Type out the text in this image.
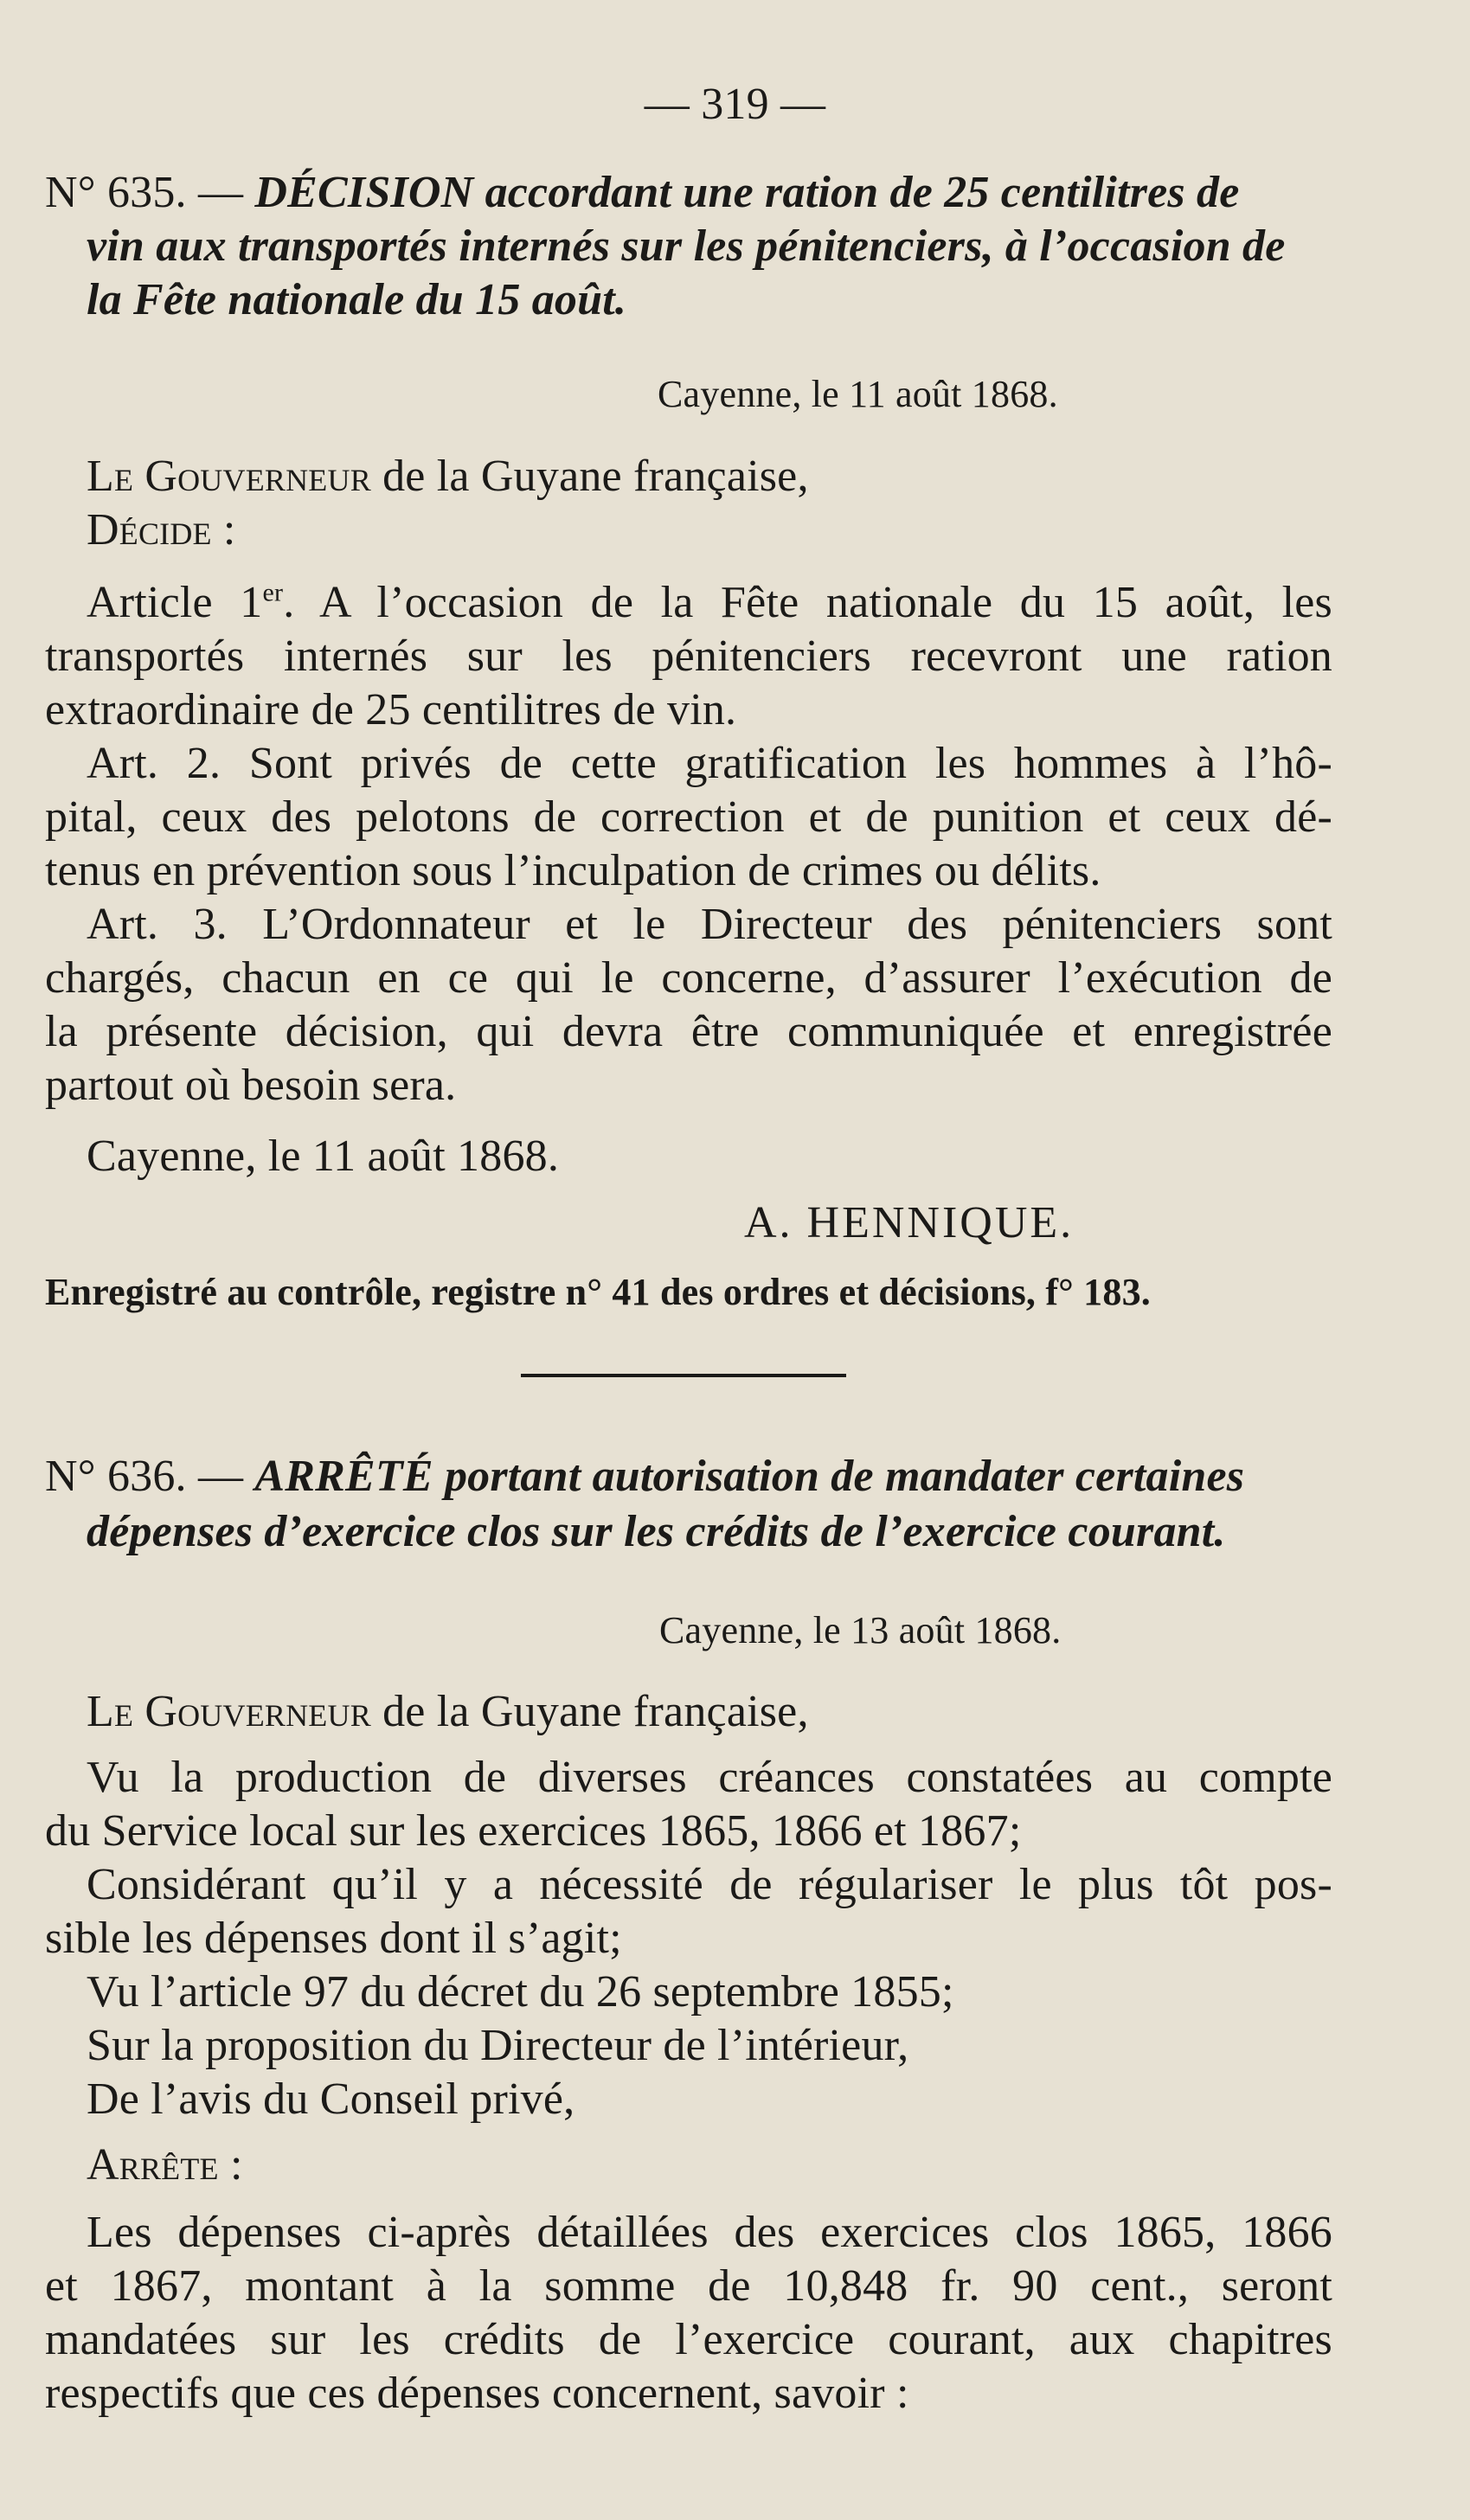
— 319 —

N° 635. — DÉCISION accordant une ration de 25 centilitres de

vin aux transportés internés sur les pénitenciers, à l’occasion de

la Fête nationale du 15 août.

Cayenne, le 11 août 1868.

Le Gouverneur de la Guyane française,

Décide :

Article 1er. A l’occasion de la Fête nationale du 15 août, les

transportés internés sur les pénitenciers recevront une ration

extraordinaire de 25 centilitres de vin.

Art. 2. Sont privés de cette gratification les hommes à l’hô-

pital, ceux des pelotons de correction et de punition et ceux dé-

tenus en prévention sous l’inculpation de crimes ou délits.

Art. 3. L’Ordonnateur et le Directeur des pénitenciers sont

chargés, chacun en ce qui le concerne, d’assurer l’exécution de

la présente décision, qui devra être communiquée et enregistrée

partout où besoin sera.

Cayenne, le 11 août 1868.

A. HENNIQUE.

Enregistré au contrôle, registre n° 41 des ordres et décisions, f° 183.

N° 636. — ARRÊTÉ portant autorisation de mandater certaines

dépenses d’exercice clos sur les crédits de l’exercice courant.

Cayenne, le 13 août 1868.

Le Gouverneur de la Guyane française,

Vu la production de diverses créances constatées au compte

du Service local sur les exercices 1865, 1866 et 1867;

Considérant qu’il y a nécessité de régulariser le plus tôt pos-

sible les dépenses dont il s’agit;

Vu l’article 97 du décret du 26 septembre 1855;

Sur la proposition du Directeur de l’intérieur,

De l’avis du Conseil privé,

Arrête :

Les dépenses ci-après détaillées des exercices clos 1865, 1866

et 1867, montant à la somme de 10,848 fr. 90 cent., seront

mandatées sur les crédits de l’exercice courant, aux chapitres

respectifs que ces dépenses concernent, savoir :
